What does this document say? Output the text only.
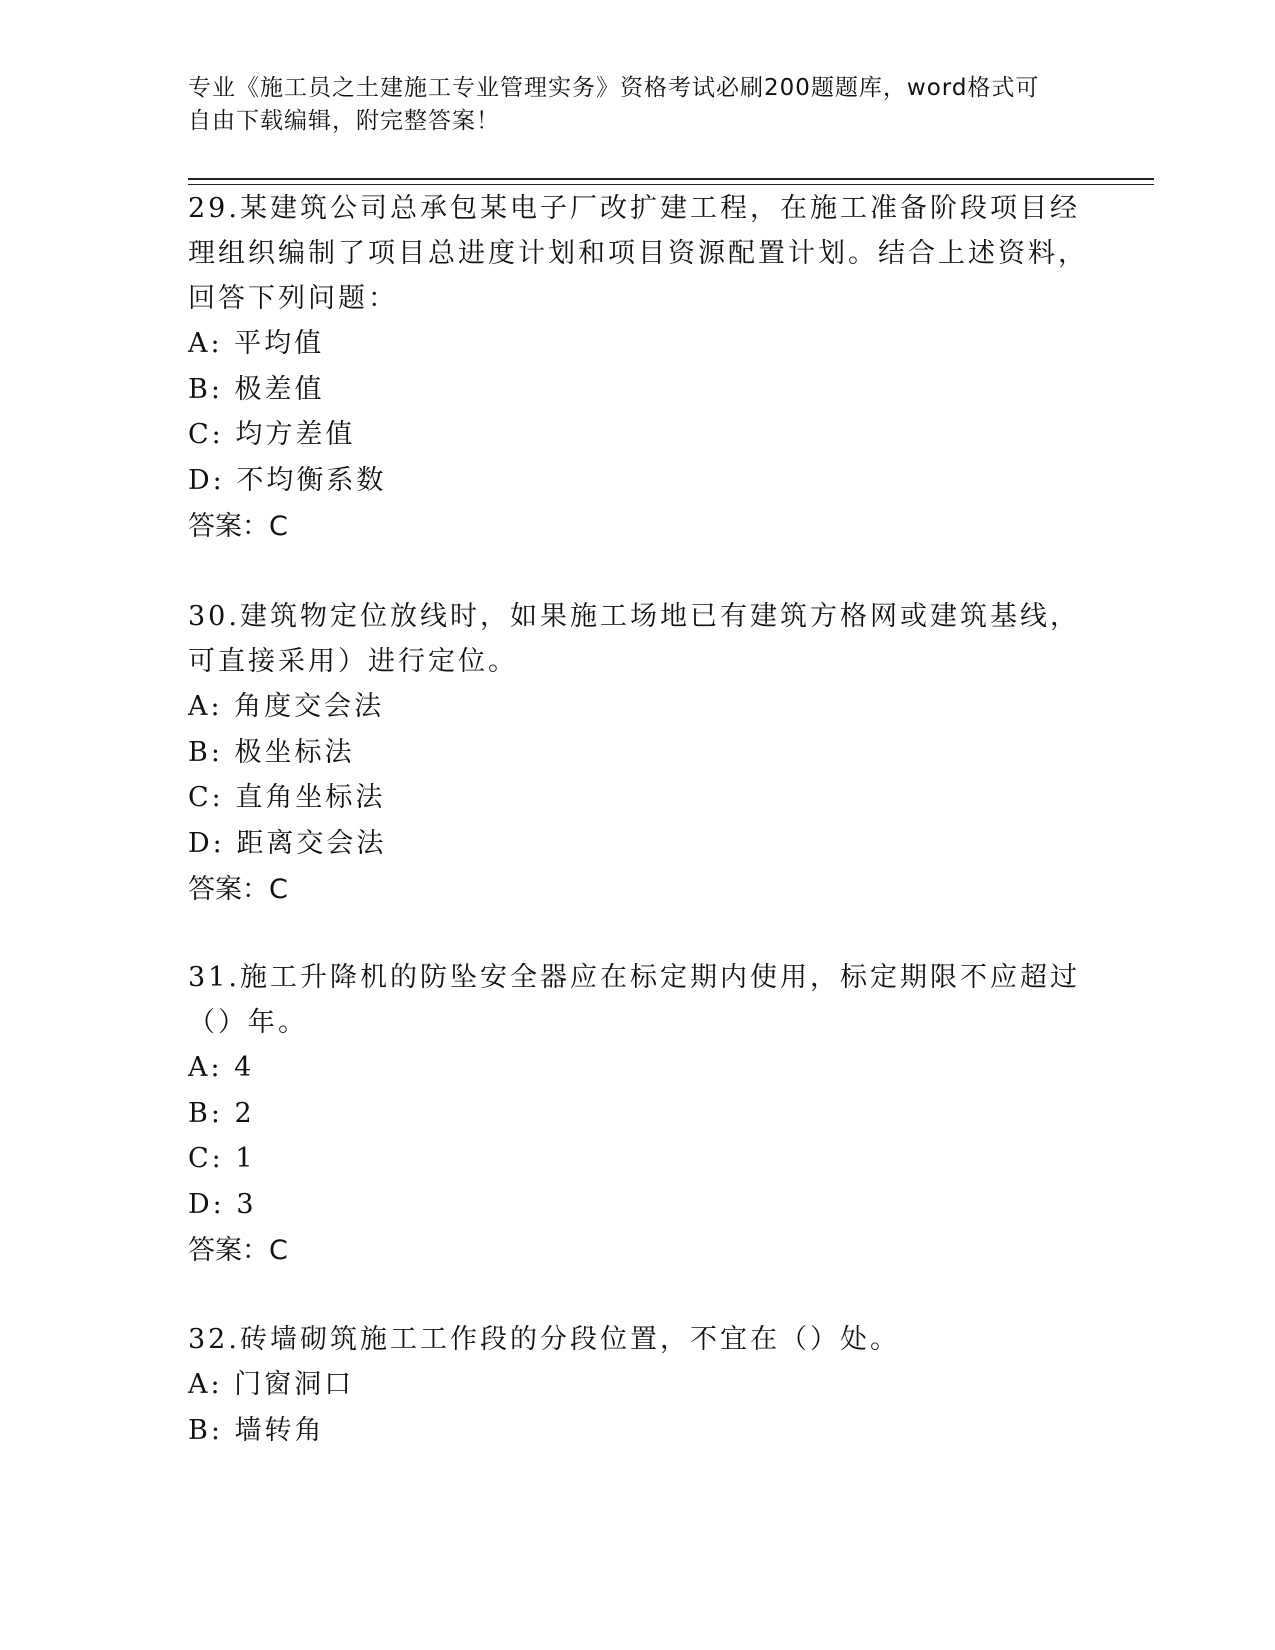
专业《施工员之土建施工专业管理实务》资格考试必刷200题题库，word格式可
自由下载编辑，附完整答案！
29.某建筑公司总承包某电子厂改扩建工程，在施工准备阶段项目经理组织编制了项目总进度计划和项目资源配置计划。结合上述资料，回答下列问题：
A: 平均值
B: 极差值
C: 均方差值
D: 不均衡系数
答案：C
30.建筑物定位放线时，如果施工场地已有建筑方格网或建筑基线，可直接采用）进行定位。
A: 角度交会法
B: 极坐标法
C: 直角坐标法
D: 距离交会法
答案：C
31.施工升降机的防坠安全器应在标定期内使用，标定期限不应超过（）年。
A: 4
B: 2
C: 1
D: 3
答案：C
32.砖墙砌筑施工工作段的分段位置，不宜在（）处。
A: 门窗洞口
B: 墙转角
